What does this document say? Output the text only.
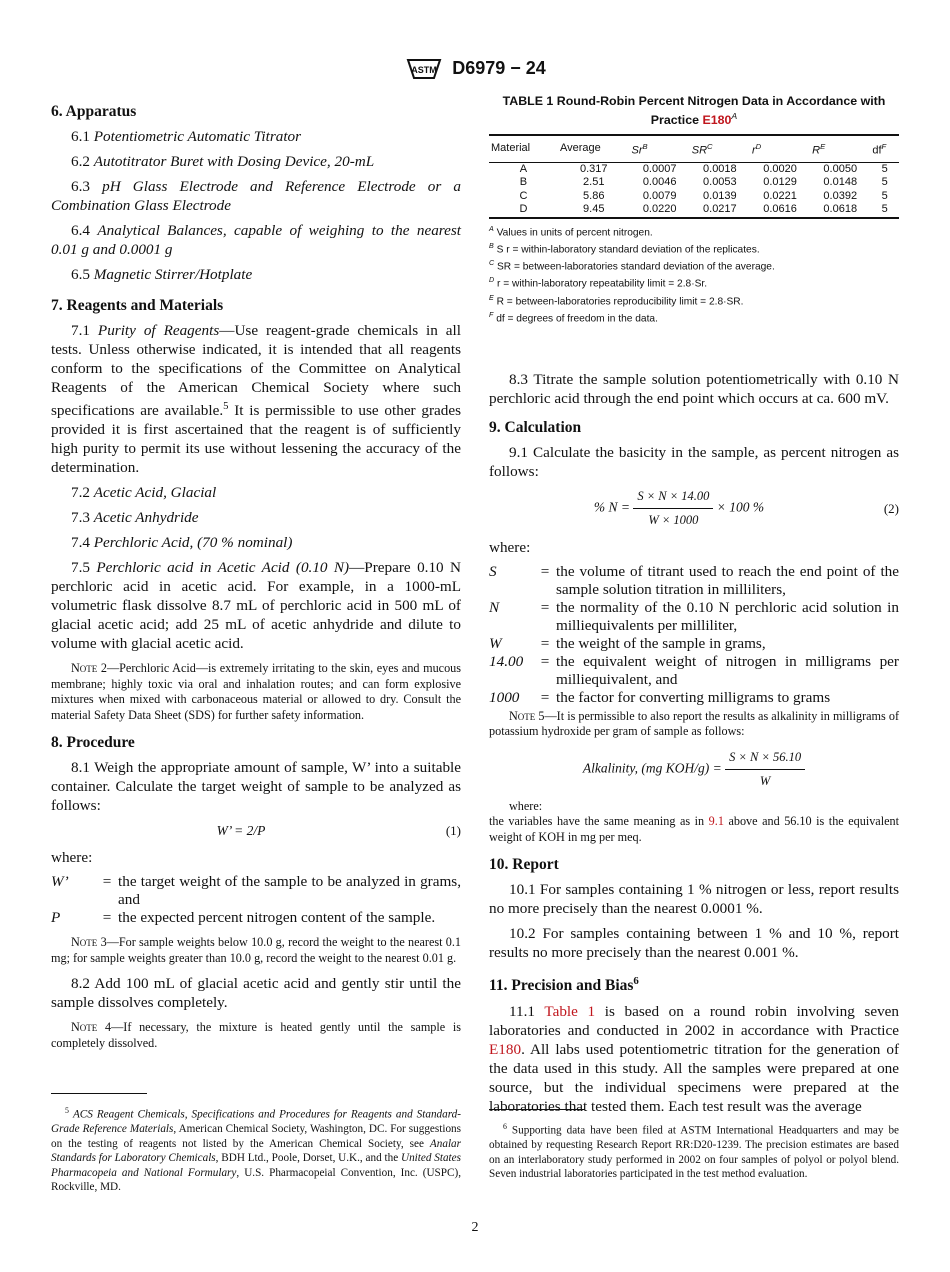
ASTM D6979 − 24
6. Apparatus

6.1 Potentiometric Automatic Titrator

6.2 Autotitrator Buret with Dosing Device, 20-mL

6.3 pH Glass Electrode and Reference Electrode or a Combination Glass Electrode

6.4 Analytical Balances, capable of weighing to the nearest 0.01 g and 0.0001 g

6.5 Magnetic Stirrer/Hotplate

7. Reagents and Materials

7.1 Purity of Reagents—Use reagent-grade chemicals in all tests. Unless otherwise indicated, it is intended that all reagents conform to the specifications of the Committee on Analytical Reagents of the American Chemical Society where such specifications are available.$^5$ It is permissible to use other grades provided it is first ascertained that the reagent is of sufficiently high purity to permit its use without lessening the accuracy of the determination.

7.2 Acetic Acid, Glacial

7.3 Acetic Anhydride

7.4 Perchloric Acid, (70 % nominal)

7.5 Perchloric acid in Acetic Acid (0.10 N)—Prepare 0.10 N perchloric acid in acetic acid. For example, in a 1000-mL volumetric flask dissolve 8.7 mL of perchloric acid in 500 mL of glacial acetic acid; add 25 mL of acetic anhydride and dilute to volume with glacial acetic acid.

Note 2—Perchloric Acid—is extremely irritating to the skin, eyes and mucous membrane; highly toxic via oral and inhalation routes; and can form explosive mixtures when mixed with carbonaceous material or allowed to dry. Consult the material Safety Data Sheet (SDS) for further safety information.
8. Procedure

8.1 Weigh the appropriate amount of sample, W’ into a suitable container. Calculate the target weight of sample to be analyzed as follows:

W’ = 2/P	(1)

where:

W’	=	the target weight of the sample to be analyzed in grams, and
P	=	the expected percent nitrogen content of the sample.
Note 3—For sample weights below 10.0 g, record the weight to the nearest 0.1 mg; for sample weights greater than 10.0 g, record the weight to the nearest 0.01 g.

8.2 Add 100 mL of glacial acetic acid and gently stir until the sample dissolves completely.

Note 4—If necessary, the mixture is heated gently until the sample is completely dissolved.
$^5$ ACS Reagent Chemicals, Specifications and Procedures for Reagents and Standard-Grade Reference Materials, American Chemical Society, Washington, DC. For suggestions on the testing of reagents not listed by the American Chemical Society, see Analar Standards for Laboratory Chemicals, BDH Ltd., Poole, Dorset, U.K., and the United States Pharmacopeia and National Formulary, U.S. Pharmacopeial Convention, Inc. (USPC), Rockville, MD.
TABLE 1 Round-Robin Percent Nitrogen Data in Accordance with Practice $E180^A$
Material	Average	$Sr^B$	$SR^C$	$r^D$	$R^E$	$df^F$
A	0.317	0.0007	0.0018	0.0020	0.0050	5
B	2.51	0.0046	0.0053	0.0129	0.0148	5
C	5.86	0.0079	0.0139	0.0221	0.0392	5
D	9.45	0.0220	0.0217	0.0616	0.0618	5
$^A$ Values in units of percent nitrogen.
$^B$ S r = within-laboratory standard deviation of the replicates.
$^C$ SR = between-laboratories standard deviation of the average.
$^D$ r = within-laboratory repeatability limit = 2.8·Sr.
$^E$ R = between-laboratories reproducibility limit = 2.8·SR.
$^F$ df = degrees of freedom in the data.

8.3 Titrate the sample solution potentiometrically with 0.10 N perchloric acid through the end point which occurs at ca. 600 mV.

9. Calculation

9.1 Calculate the basicity in the sample, as percent nitrogen as follows:

% $N = \frac{S \times N \times 14.00}{W \times 1000} \times 100$ %	(2)

where:

S	=	the volume of titrant used to reach the end point of the sample solution titration in milliliters,
N	=	the normality of the 0.10 N perchloric acid solution in milliequivalents per milliliter,
W	=	the weight of the sample in grams,
14.00	=	the equivalent weight of nitrogen in milligrams per milliequivalent, and
1000	=	the factor for converting milligrams to grams
Note 5—It is permissible to also report the results as alkalinity in milligrams of potassium hydroxide per gram of sample as follows:
Alkalinity, (mg $KOH/g) = \frac{S \times N \times 56.10}{W}$
where:
the variables have the same meaning as in 9.1 above and 56.10 is the equivalent weight of KOH in mg per meq.
10. Report

10.1 For samples containing 1 % nitrogen or less, report results no more precisely than the nearest 0.0001 %.

10.2 For samples containing between 1 % and 10 %, report results no more precisely than the nearest 0.001 %.

11. Precision and Bias$^6$

11.1 Table 1 is based on a round robin involving seven laboratories and conducted in 2002 in accordance with Practice E180. All labs used potentiometric titration for the generation of the data used in this study. All the samples were prepared at one source, but the individual specimens were prepared at the laboratories that tested them. Each test result was the average

$^6$ Supporting data have been filed at ASTM International Headquarters and may be obtained by requesting Research Report RR:D20-1239. The precision estimates are based on an interlaboratory study performed in 2002 on four samples of polyol or polyol blend. Seven industrial laboratories participated in the test method evaluation.
2
